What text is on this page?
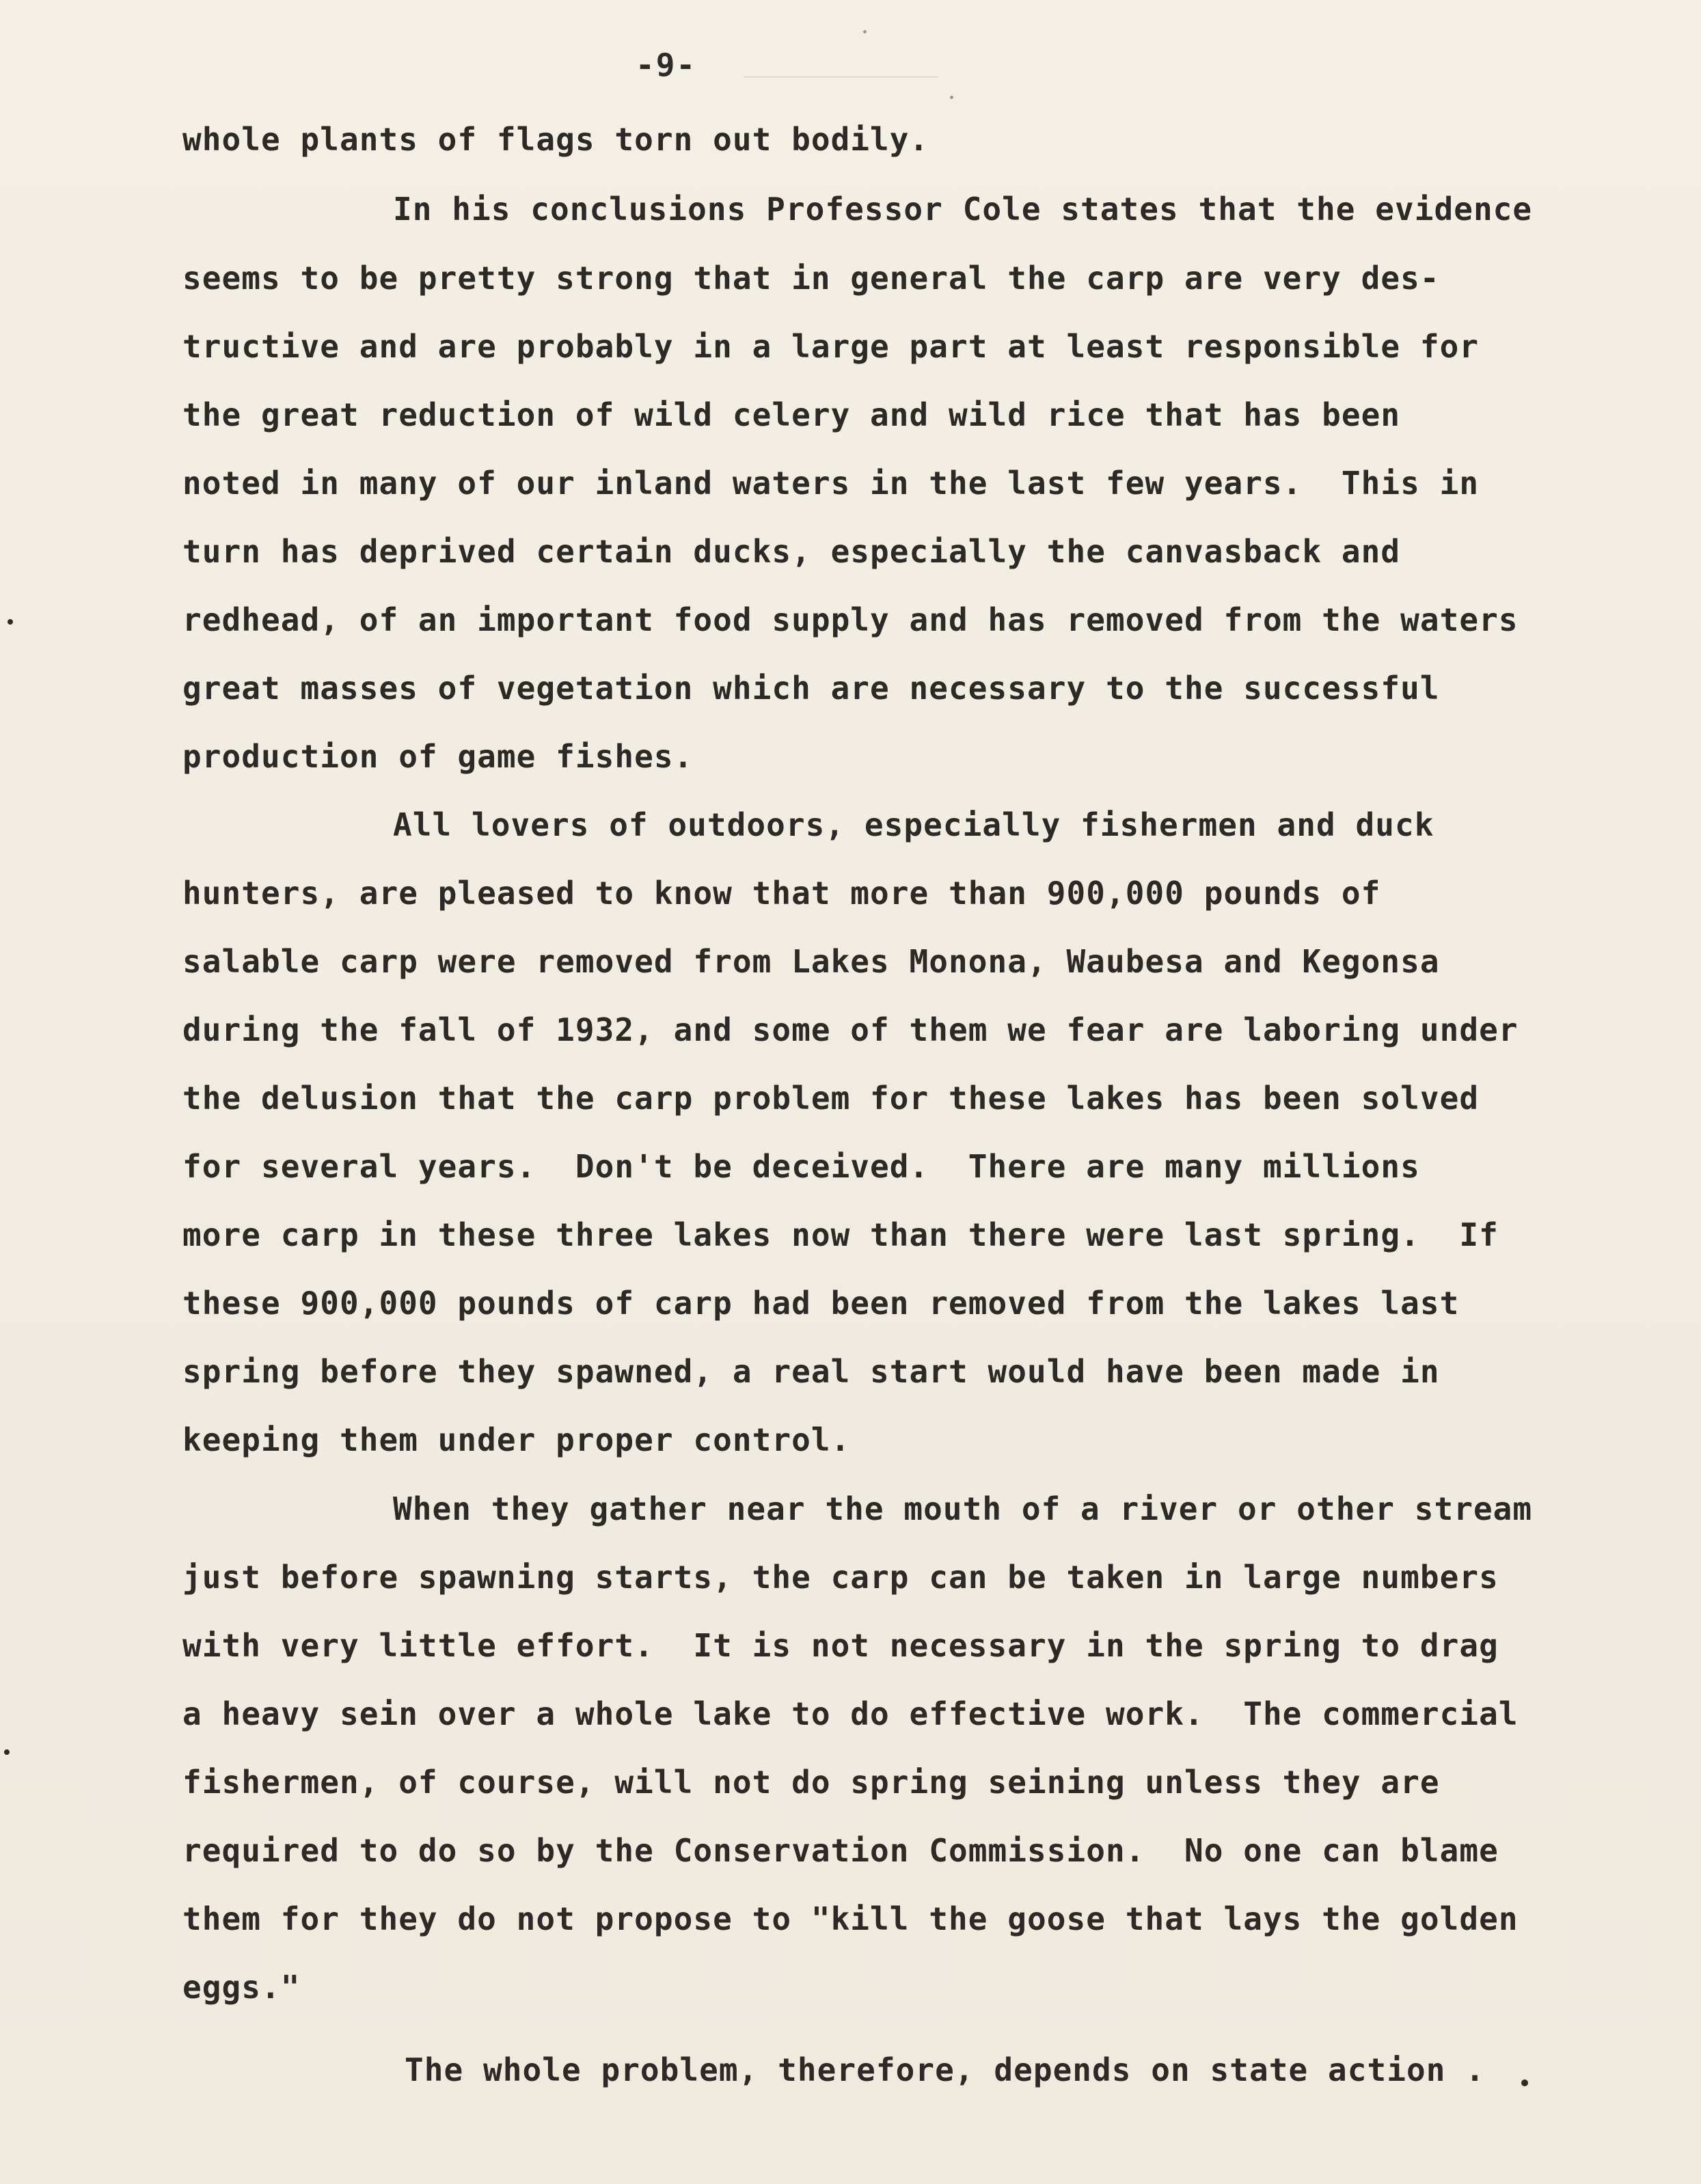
-9-
whole plants of flags torn out bodily.
In his conclusions Professor Cole states that the evidence
seems to be pretty strong that in general the carp are very des-
tructive and are probably in a large part at least responsible for
the great reduction of wild celery and wild rice that has been
noted in many of our inland waters in the last few years.  This in
turn has deprived certain ducks, especially the canvasback and
redhead, of an important food supply and has removed from the waters
great masses of vegetation which are necessary to the successful
production of game fishes.
All lovers of outdoors, especially fishermen and duck
hunters, are pleased to know that more than 900,000 pounds of
salable carp were removed from Lakes Monona, Waubesa and Kegonsa
during the fall of 1932, and some of them we fear are laboring under
the delusion that the carp problem for these lakes has been solved
for several years.  Don't be deceived.  There are many millions
more carp in these three lakes now than there were last spring.  If
these 900,000 pounds of carp had been removed from the lakes last
spring before they spawned, a real start would have been made in
keeping them under proper control.
When they gather near the mouth of a river or other stream
just before spawning starts, the carp can be taken in large numbers
with very little effort.  It is not necessary in the spring to drag
a heavy sein over a whole lake to do effective work.  The commercial
fishermen, of course, will not do spring seining unless they are
required to do so by the Conservation Commission.  No one can blame
them for they do not propose to "kill the goose that lays the golden
eggs."
The whole problem, therefore, depends on state action .
